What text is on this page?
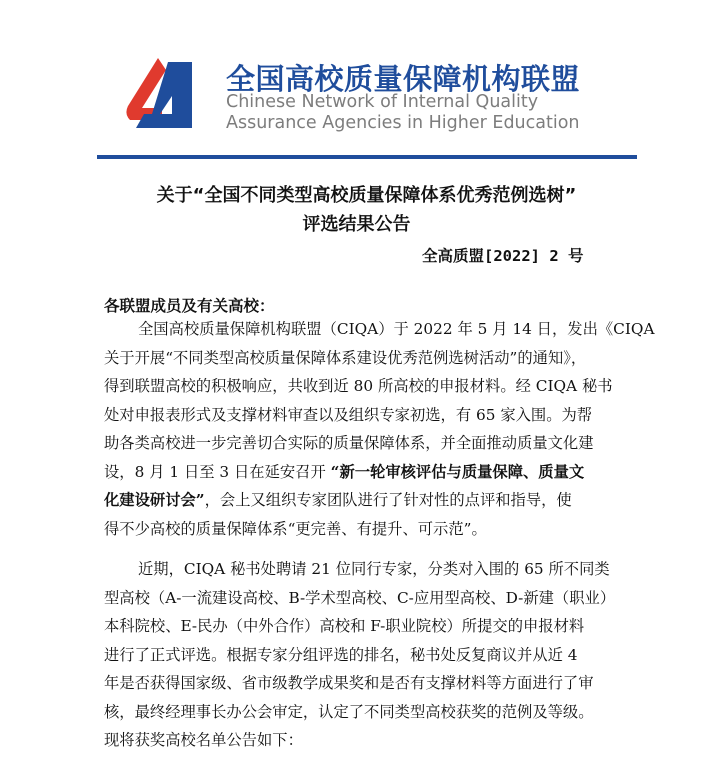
全国高校质量保障机构联盟
Chinese Network of Internal Quality
Assurance Agencies in Higher Education
关于“全国不同类型高校质量保障体系优秀范例选树”
评选结果公告
全高质盟[2022] 2 号
各联盟成员及有关高校：
全国高校质量保障机构联盟（CIQA）于 2022 年 5 月 14 日，发出《CIQA
关于开展“不同类型高校质量保障体系建设优秀范例选树活动”的通知》，
得到联盟高校的积极响应，共收到近 80 所高校的申报材料。经 CIQA 秘书
处对申报表形式及支撑材料审查以及组织专家初选，有 65 家入围。为帮
助各类高校进一步完善切合实际的质量保障体系，并全面推动质量文化建
设，8 月 1 日至 3 日在延安召开 “新一轮审核评估与质量保障、质量文
化建设研讨会”，会上又组织专家团队进行了针对性的点评和指导，使
得不少高校的质量保障体系“更完善、有提升、可示范”。
近期，CIQA 秘书处聘请 21 位同行专家，分类对入围的 65 所不同类
型高校（A-一流建设高校、B-学术型高校、C-应用型高校、D-新建（职业）
本科院校、E-民办（中外合作）高校和 F-职业院校）所提交的申报材料
进行了正式评选。根据专家分组评选的排名，秘书处反复商议并从近 4
年是否获得国家级、省市级教学成果奖和是否有支撑材料等方面进行了审
核，最终经理事长办公会审定，认定了不同类型高校获奖的范例及等级。
现将获奖高校名单公告如下：
